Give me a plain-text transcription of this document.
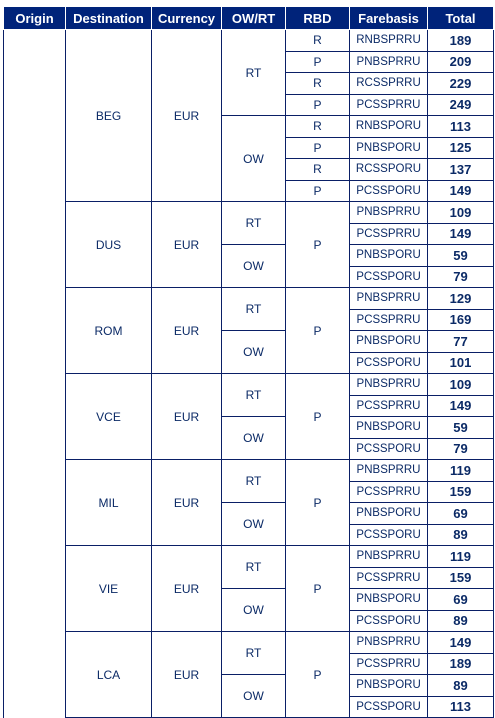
Origin	Destination	Currency	OW/RT	RBD	Farebasis	Total
	BEG	EUR	RT	R	RNBSPRRU	189
				P	PNBSPRRU	209
				R	RCSSPRRU	229
				P	PCSSPRRU	249
			OW	R	RNBSPORU	113
				P	PNBSPORU	125
				R	RCSSPORU	137
				P	PCSSPORU	149
	DUS	EUR	RT	P	PNBSPRRU	109
					PCSSPRRU	149
			OW		PNBSPORU	59
					PCSSPORU	79
	ROM	EUR	RT	P	PNBSPRRU	129
					PCSSPRRU	169
			OW		PNBSPORU	77
					PCSSPORU	101
	VCE	EUR	RT	P	PNBSPRRU	109
					PCSSPRRU	149
			OW		PNBSPORU	59
					PCSSPORU	79
	MIL	EUR	RT	P	PNBSPRRU	119
					PCSSPRRU	159
			OW		PNBSPORU	69
					PCSSPORU	89
	VIE	EUR	RT	P	PNBSPRRU	119
					PCSSPRRU	159
			OW		PNBSPORU	69
					PCSSPORU	89
	LCA	EUR	RT	P	PNBSPRRU	149
					PCSSPRRU	189
			OW		PNBSPORU	89
					PCSSPORU	113
